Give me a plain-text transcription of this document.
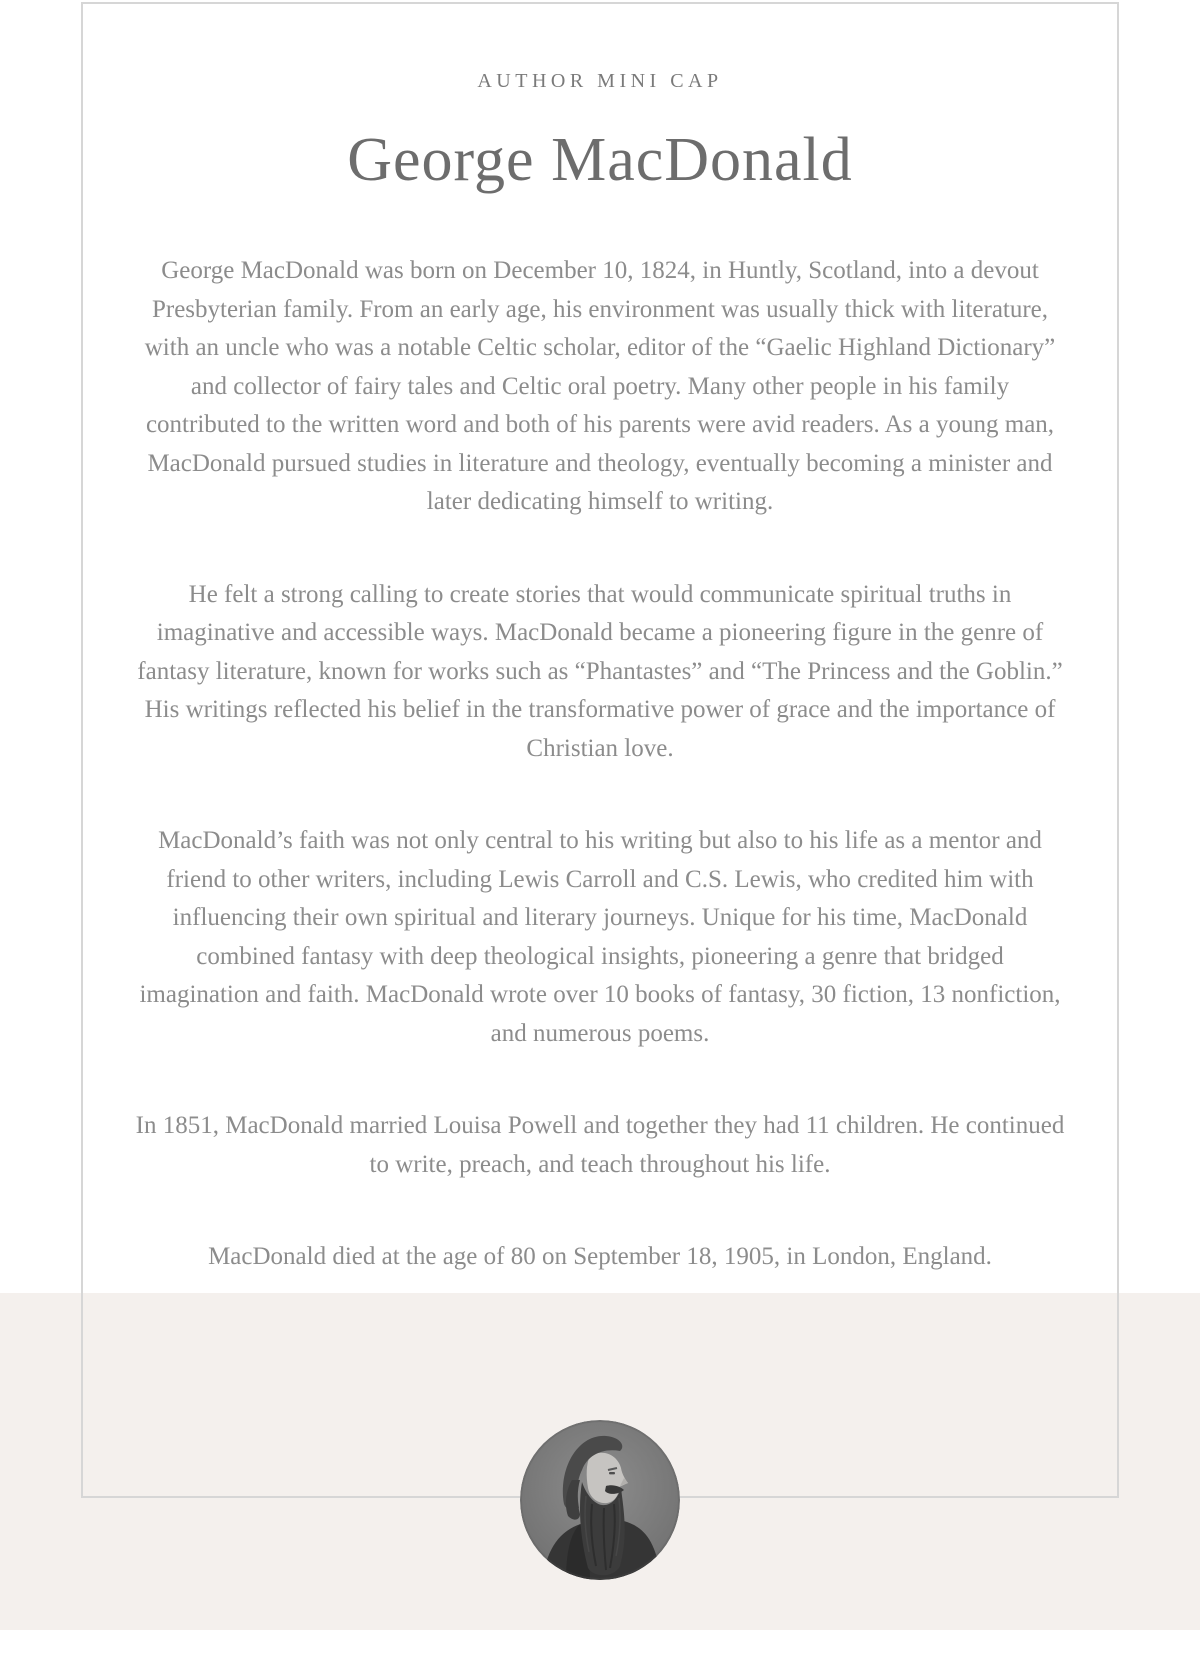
AUTHOR MINI CAP
George MacDonald

George MacDonald was born on December 10, 1824, in Huntly, Scotland, into a devout Presbyterian family. From an early age, his environment was usually thick with literature, with an uncle who was a notable Celtic scholar, editor of the “Gaelic Highland Dictionary” and collector of fairy tales and Celtic oral poetry. Many other people in his family contributed to the written word and both of his parents were avid readers. As a young man, MacDonald pursued studies in literature and theology, eventually becoming a minister and later dedicating himself to writing.

He felt a strong calling to create stories that would communicate spiritual truths in imaginative and accessible ways. MacDonald became a pioneering figure in the genre of fantasy literature, known for works such as “Phantastes” and “The Princess and the Goblin.” His writings reflected his belief in the transformative power of grace and the importance of Christian love.

MacDonald’s faith was not only central to his writing but also to his life as a mentor and friend to other writers, including Lewis Carroll and C.S. Lewis, who credited him with influencing their own spiritual and literary journeys. Unique for his time, MacDonald combined fantasy with deep theological insights, pioneering a genre that bridged imagination and faith. MacDonald wrote over 10 books of fantasy, 30 fiction, 13 nonfiction, and numerous poems.

In 1851, MacDonald married Louisa Powell and together they had 11 children. He continued to write, preach, and teach throughout his life.

MacDonald died at the age of 80 on September 18, 1905, in London, England.
